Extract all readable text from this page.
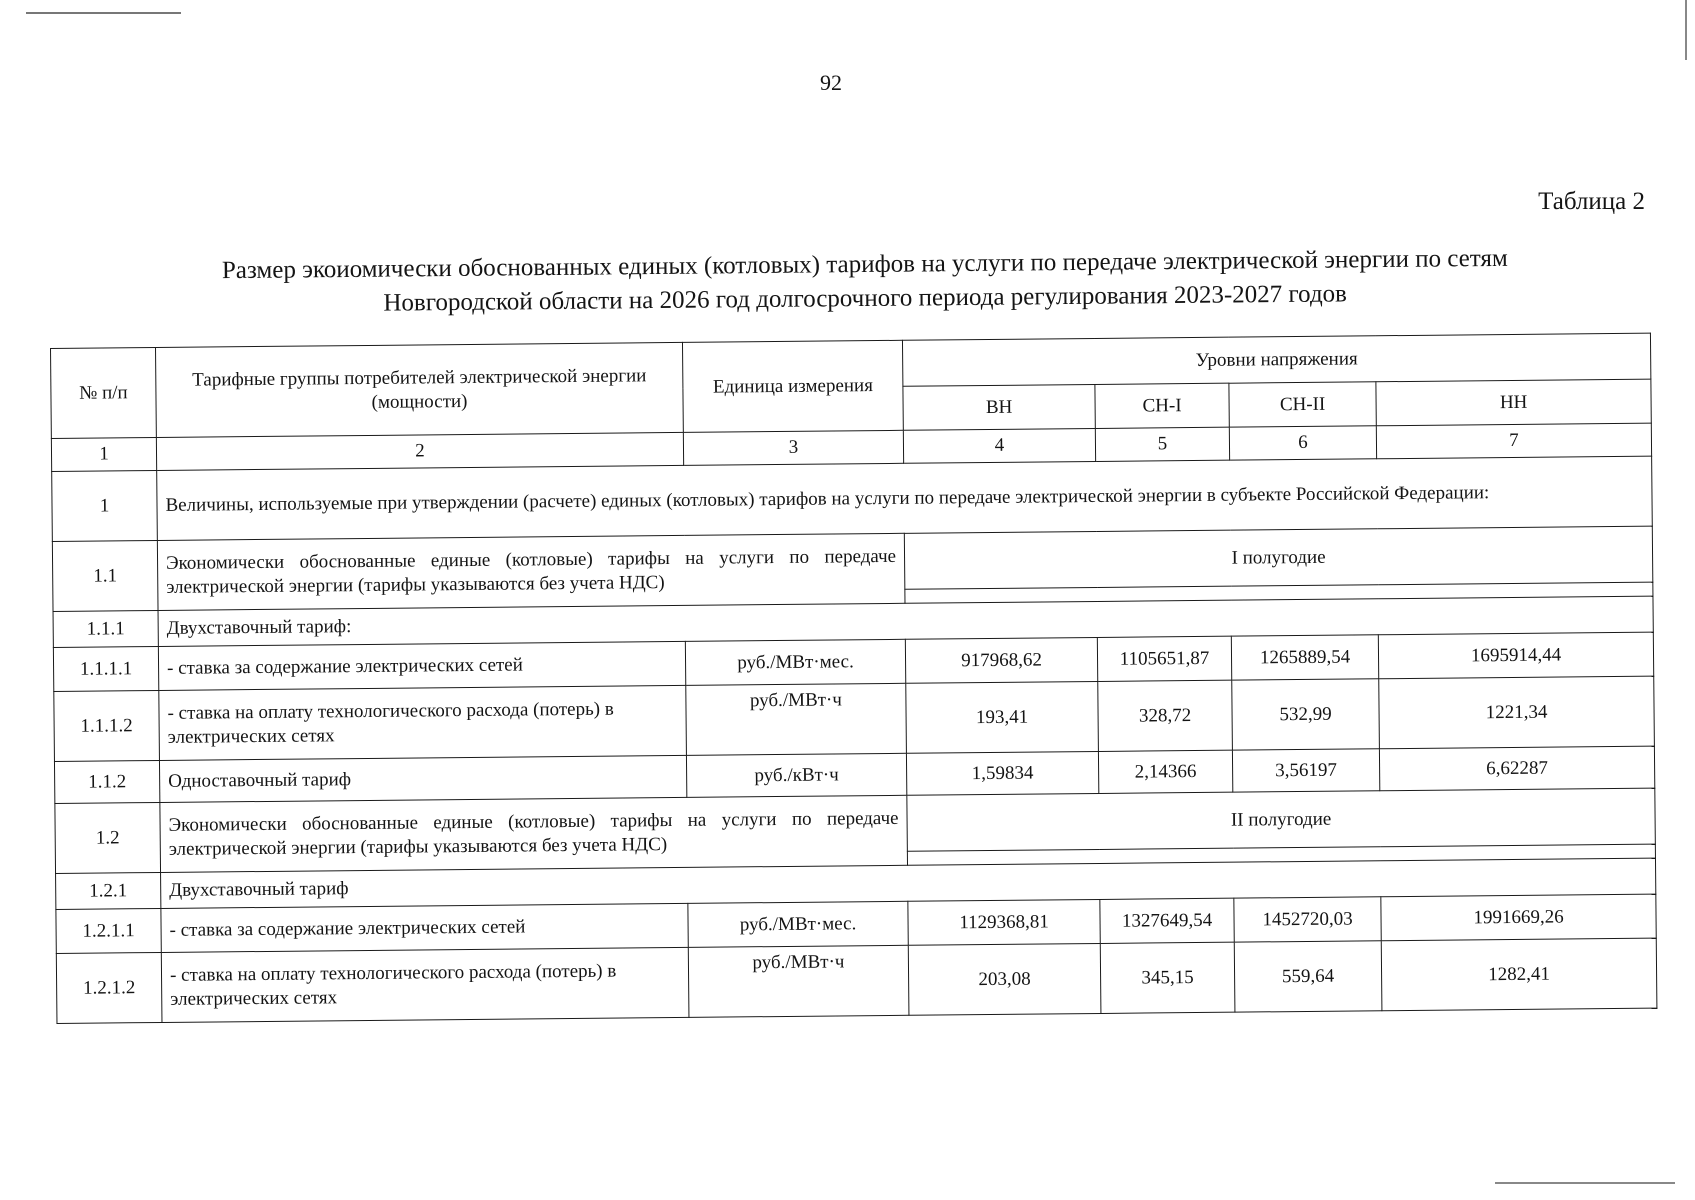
92
Таблица 2
Размер экоиомически обоснованных единых (котловых) тарифов на услуги по передаче электрической энергии по сетям
Новгородской области на 2026 год долгосрочного периода регулирования 2023-2027 годов
№ п/п	Тарифные группы потребителей электрической энергии (мощности)	Единица измерения	Уровни напряжения			
			ВН	СН-I	СН-II	НН
1	2	3	4	5	6	7
1	Величины, используемые при утверждении (расчете) единых (котловых) тарифов на услуги по передаче электрической энергии в субъекте Российской Федерации:					
1.1	Экономически обоснованные единые (котловые) тарифы на услуги по передаче электрической энергии (тарифы указываются без учета НДС)		I полугодие			

1.1.1	Двухставочный тариф:					
1.1.1.1	- ставка за содержание электрических сетей	руб./МВт·мес.	917968,62	1105651,87	1265889,54	1695914,44
1.1.1.2	- ставка на оплату технологического расхода (потерь) в электрических сетях	руб./МВт·ч	193,41	328,72	532,99	1221,34
1.1.2	Одноставочный тариф	руб./кВт·ч	1,59834	2,14366	3,56197	6,62287
1.2	Экономически обоснованные единые (котловые) тарифы на услуги по передаче электрической энергии (тарифы указываются без учета НДС)		II полугодие			

1.2.1	Двухставочный тариф					
1.2.1.1	- ставка за содержание электрических сетей	руб./МВт·мес.	1129368,81	1327649,54	1452720,03	1991669,26
1.2.1.2	- ставка на оплату технологического расхода (потерь) в электрических сетях	руб./МВт·ч	203,08	345,15	559,64	1282,41
